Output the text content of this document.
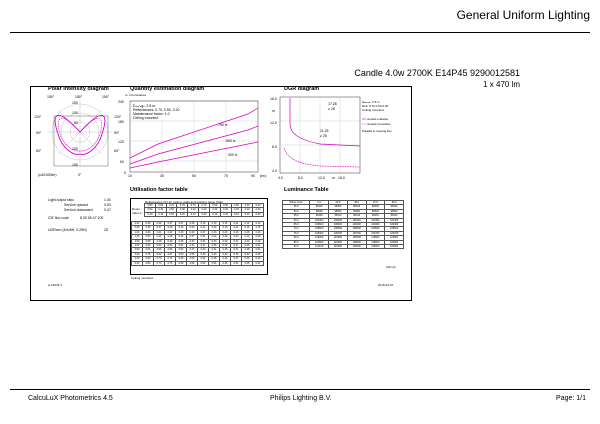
General Uniform Lighting
Candle 4.0w 2700K E14P45 9290012581
1 x 470 lm
Polar intensity diagram
150°	180°	150°
120°	120°
90°	90°
60°	60°
150
100
50
100
150
(cd/1000lm)	0°
Quantity estimation diagram
nr. of luminaires
Eₐᵥₑʳₐɡₑ: 2.8 m
Reflectances: 0.70, 0.50, 0.20
Maintenance factor: 1.0
Ceiling mounted
750 lx
500 lx
300 lx
240
180
120
60
0
10	30	50	70	90 (m²)
UGR diagram
17.28
≥ 28
11.25
≥ 25
16.0
12.0
8.0
4.0
m
4.0	8.0	12.0 m 16.0
Hₘₒᵤₙₜ: 2.8 m
Refl: 0.70 0.50 0.20
Ceiling mounted
viewed endwise
viewed crosswise
Parallel to viewing line
Light output ratio	1.00
Service upward	0.53
Service downward	0.47
CIE flux code	8 25 65 47 100
UGRcen (4Hx8H, 0.25H)	25
Utilisation factor table
Reflectances (%) for ceiling, walls and working plane (CIE)
Room Index k
0.80	0.80	0.70	0.70	0.70	0.70	0.50	0.50	0.30	0.30	0.00
0.50	0.30	0.50	0.30	0.20	0.20	0.30	0.20	0.30	0.10	0.00
0.30	0.10	0.30	0.20	0.10	0.20	0.10	0.20	0.10	0.10	0.00
0.60	0.36	0.29	0.37	0.27	0.26	0.19	0.19	0.15	0.21	0.16	0.12
0.80	0.39	0.37	0.29	0.34	0.23	0.22	0.20	0.16	0.21	0.16	0.15
1.00	0.46	0.41	0.41	0.40	0.29	0.27	0.23	0.23	0.19	0.16	0.16
1.25	0.50	0.46	0.46	0.44	0.37	0.31	0.32	0.26	0.23	0.19	0.18
1.50	0.56	0.48	0.49	0.46	0.37	0.34	0.33	0.29	0.21	0.20	0.19
2.00	0.60	0.53	0.54	0.51	0.41	0.41	0.36	0.32	0.27	0.25	0.21
2.50	0.61	0.56	0.56	0.54	0.47	0.43	0.41	0.35	0.31	0.28	0.24
3.00	0.75	0.64	0.67	0.60	0.56	0.49	0.43	0.40	0.33	0.30	0.26
4.00	0.80	0.70	0.72	0.66	0.60	0.52	0.48	0.41	0.37	0.34	0.29
5.00	0.83	0.73	0.75	0.69	0.62	0.54	0.51	0.45	0.41	0.35	0.31
Ceiling mounted
Luminance Table
Plane Cone	0.0	22.5	45.0	67.5	90.0
45.0	96400	98400	98400	98400	98400
50.0	96900	95800	95800	95800	95800
55.0	96400	96410	96410	96410	96410
60.0	100400	100400	100400	100400	100400
65.0	109600	109400	109400	109400	109400
70.0	108600	108600	108600	108600	108600
75.0	106300	106700	106700	106700	106700
80.0	118200	119500	119500	119500	119500
85.0	120500	118600	118600	118600	118600
90.0	114100	115000	115000	115000	115000
(cd/m²)
sl 21643.4	2016-02-07
CalcuLuX Photometrics 4.5	Philips Lighting B.V.	Page: 1/1
